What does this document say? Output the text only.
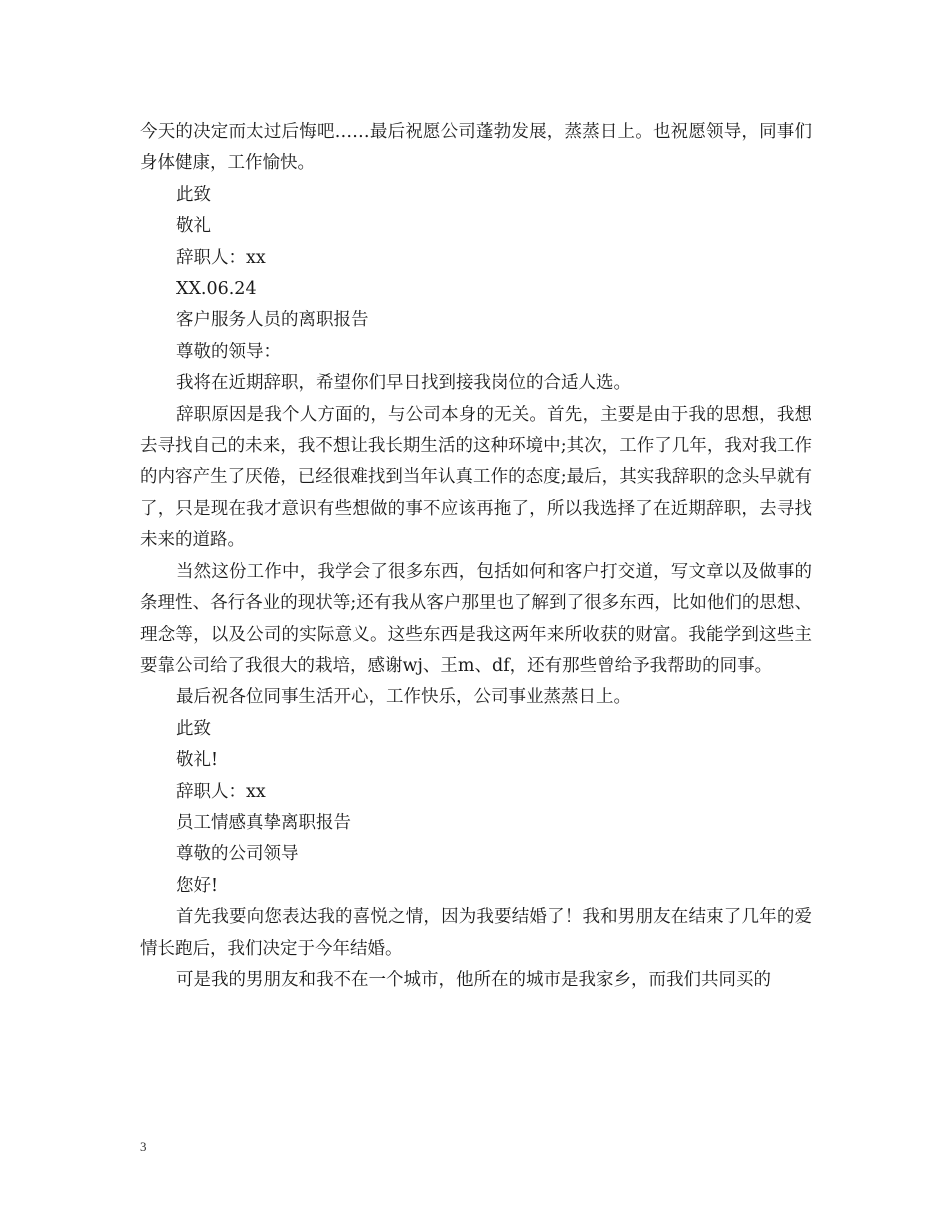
今天的决定而太过后悔吧……最后祝愿公司蓬勃发展，蒸蒸日上。也祝愿领导，同事们身体健康，工作愉快。

此致

敬礼

辞职人：xx

XX.06.24

客户服务人员的离职报告

尊敬的领导：

我将在近期辞职，希望你们早日找到接我岗位的合适人选。

辞职原因是我个人方面的，与公司本身的无关。首先，主要是由于我的思想，我想去寻找自己的未来，我不想让我长期生活的这种环境中;其次，工作了几年，我对我工作的内容产生了厌倦，已经很难找到当年认真工作的态度;最后，其实我辞职的念头早就有了，只是现在我才意识有些想做的事不应该再拖了，所以我选择了在近期辞职，去寻找未来的道路。

当然这份工作中，我学会了很多东西，包括如何和客户打交道，写文章以及做事的条理性、各行各业的现状等;还有我从客户那里也了解到了很多东西，比如他们的思想、理念等，以及公司的实际意义。这些东西是我这两年来所收获的财富。我能学到这些主要靠公司给了我很大的栽培，感谢wj、王m、df，还有那些曾给予我帮助的同事。

最后祝各位同事生活开心，工作快乐，公司事业蒸蒸日上。

此致

敬礼!

辞职人：xx

员工情感真挚离职报告

尊敬的公司领导

您好!

首先我要向您表达我的喜悦之情，因为我要结婚了！我和男朋友在结束了几年的爱情长跑后，我们决定于今年结婚。

可是我的男朋友和我不在一个城市，他所在的城市是我家乡，而我们共同买的

3
